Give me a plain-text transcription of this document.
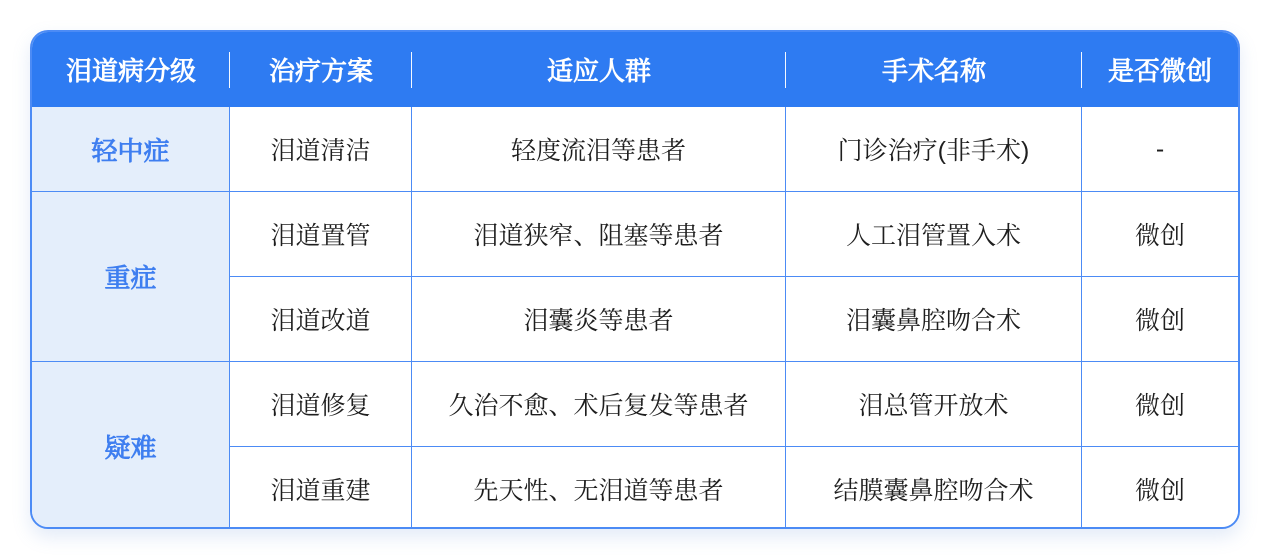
泪道病分级	治疗方案	适应人群	手术名称	是否微创
轻中症	泪道清洁	轻度流泪等患者	门诊治疗(非手术)	-
重症	泪道置管	泪道狭窄、阻塞等患者	人工泪管置入术	微创
	泪道改道	泪囊炎等患者	泪囊鼻腔吻合术	微创
疑难	泪道修复	久治不愈、术后复发等患者	泪总管开放术	微创
	泪道重建	先天性、无泪道等患者	结膜囊鼻腔吻合术	微创
